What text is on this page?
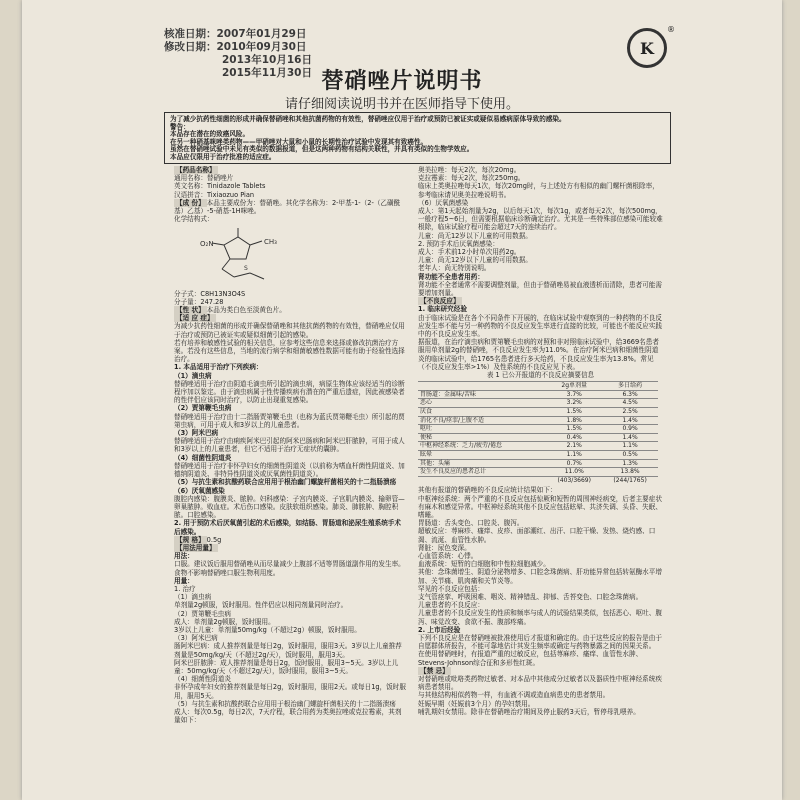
核准日期：2007年01月29日
修改日期：2010年09月30日
2013年10月16日
2015年11月30日
K
®
替硝唑片说明书
请仔细阅读说明书并在医师指导下使用。
为了减少抗药性细菌的形成并确保替硝唑和其他抗菌药物的有效性，替硝唑应仅用于治疗或预防已被证实或疑似易感病原体导致的感染。
警告：
本品存在潜在的致癌风险。
在另一种硝基咪唑类药物——甲硝唑对大鼠和小鼠的长期性治疗试验中发现其有致癌性。
虽然在替硝唑试验中未见有类似的数据报道，但是这两种药物有结构关联性，并具有类似的生物学效应。
本品应仅限用于治疗批准的适应症。
【药品名称】
通用名称：替硝唑片
英文名称：Tinidazole Tablets
汉语拼音：Tixiaozuo Pian
【成 份】 本品主要成份为：替硝唑。其化学名称为：2-甲基-1-（2-（乙磺酰基）乙基）-5-硝基-1H咪唑。
化学结构式：
O₂N	CH₃
S
分子式：C8H13N3O4S
分子量：247.28
【性 状】 本品为类白色至淡黄色片。
【适 应 症】
为减少抗药性细菌的形成并确保替硝唑和其他抗菌药物的有效性，替硝唑应仅用于治疗或预防已被证实或疑似细菌引起的感染。
若有培养和敏感性试验的相关信息，应参考这些信息来选择或修改抗菌治疗方案。若没有这些信息，当地的流行病学和细菌敏感性数据可能有助于经验性选择治疗。
1. 本品适用于治疗下列疾病：
（1）滴虫病
替硝唑适用于治疗由阴道毛滴虫所引起的滴虫病，病原生物体应该经适当的诊断程序加以鉴定。由于滴虫病属于性传播疾病有潜在的严重后遗症，因此被感染者的性伴侣应该同时治疗，以防止出现重复感染。
（2）贾第鞭毛虫病
替硝唑适用于治疗由十二指肠贾第鞭毛虫（也称为蓝氏贾第鞭毛虫）所引起的贾第虫病，可用于成人和3岁以上的儿童患者。
（3）阿米巴病
替硝唑适用于治疗由痢疾阿米巴引起的阿米巴肠病和阿米巴肝脓肿，可用于成人和3岁以上的儿童患者，但它不适用于治疗无症状的囊肿。
（4）细菌性阴道炎
替硝唑适用于治疗非怀孕妇女的细菌性阴道炎（以前称为嗜血杆菌性阴道炎、加德纳阴道炎、非特异性阴道炎或厌氧菌性阴道炎）。
（5）与抗生素和抗酸药联合应用用于根治幽门螺旋杆菌相关的十二指肠溃疡
（6）厌氧菌感染
腹腔内感染：腹膜炎、脓肿。妇科感染：子宫内膜炎、子宫肌内膜炎、输卵管—卵巢脓肿。败血症。术后伤口感染。皮肤软组织感染。肺炎、肺脓肿、胸腔积脓。口腔感染。
2. 用于预防术后厌氧菌引起的术后感染，如结肠、胃肠道和泌尿生殖系统手术后感染。
【规 格】 0.5g
【用法用量】
用法：
口服。建议饭后服用替硝唑从而尽量减少上腹部不适等胃肠道副作用的发生率。食物不影响替硝唑口服生物利用度。
用量：
1. 治疗
（1）滴虫病
单剂量2g顿服，饭时服用。性伴侣应以相同剂量同时治疗。
（2）贾第鞭毛虫病
成人：单剂量2g顿服，饭时服用。
3岁以上儿童：单剂量50mg/kg（不超过2g）顿服，饭时服用。
（3）阿米巴病
肠阿米巴病：成人推荐剂量是每日2g，饭时服用，服用3天。3岁以上儿童推荐剂量是50mg/kg/天（不超过2g/天），饭时服用，服用3天。
阿米巴肝脓肿：成人推荐剂量是每日2g，饭时服用，服用3~5天。3岁以上儿童：50mg/kg/天（不超过2g/天），饭时服用，服用3~5天。
（4）细菌性阴道炎
非怀孕成年妇女的推荐剂量是每日2g，饭时服用，服用2天。或每日1g，饭时服用，服用5天。
（5）与抗生素和抗酸药联合应用用于根治幽门螺旋杆菌相关的十二指肠溃疡
成人：每次0.5g，每日2次，7天疗程，联合用药为类奥拉唑或克拉霉素，其剂量如下：
奥美拉唑：每天2次，每次20mg。
克拉霉素：每天2次，每次250mg。
临床上类奥拉唑每天1次，每次20mg时，与上述处方有相似的幽门螺杆菌根除率，参考临床请见奥美拉唑说明书。
（6）厌氧菌感染
成人：第1天起始剂量为2g，以后每天1次，每次1g，或者每天2次，每次500mg，一般疗程5~6日，但需要根据临床诊断确定治疗。尤其是一些特殊部位感染可能较难根除，临床试验疗程可能会超过7天的连续治疗。
儿童：尚无12岁以下儿童的可用数据。
2. 预防手术后厌氧菌感染：
成人：手术前12小时单次用药2g。
儿童：尚无12岁以下儿童的可用数据。
老年人：尚无特别说明。
肾功能不全患者用药：
肾功能不全者通常不需要调整剂量，但由于替硝唑易被血液透析而清除，患者可能需要增加剂量。
【不良反应】
1. 临床研究经验
由于临床试验是在各个不同条件下开展的，在临床试验中观察到的一种药物的不良反应发生率不能与另一种药物的不良反应发生率进行直接的比较，可能也不能反应实践中的不良反应发生率。
据报道，在治疗滴虫病和贾第鞭毛虫病的对照和非对照临床试验中，给3669名患者服用单剂量2g的替硝唑，不良反应发生率为11.0%。在治疗阿米巴病和细菌性阴道炎的临床试验中，给1765名患者进行多天给药，不良反应发生率为13.8%。常见（不良反应发生率>1%）及性系统的不良反应见下表。
表 1 已公开报道的不良反应摘要信息
	2g单剂量	多日给药
胃肠道：金属味/苦味	3.7%	6.3%
恶心	3.2%	4.5%
厌食	1.5%	2.5%
消化不良/痉挛/上腹不适	1.8%	1.4%
呕吐	1.5%	0.9%
便秘	0.4%	1.4%
中枢神经系统：乏力/疲劳/倦怠	2.1%	1.1%
眩晕	1.1%	0.5%
其他：头痛	0.7%	1.3%
发生不良反应的患者总计	11.0%	13.8%
	(403/3669)	(244/1765)
其他有报道的替硝唑的不良反应统计结果如下：
中枢神经系统：两个严重的不良反应包括惊厥和短暂的周围神经病变，后者主要症状有麻木和感觉异常。中枢神经系统其他不良反应包括眩晕、共济失调、头昏、失眠、嗜睡。
胃肠道：舌头变色、口腔炎、腹泻。
超敏反应：荨麻疹、瘙痒、皮疹、面部潮红、出汗、口腔干燥、发热、烧灼感、口渴、流涎、血管性水肿。
肾脏：尿色变深。
心血管系统：心悸。
血液系统：短暂的白细胞和中性粒细胞减少。
其他：念珠菌增生、阴道分泌物增多、口腔念珠菌病、肝功能异常包括转氨酶水平增加、关节痛、肌肉痛和关节炎等。
罕见的不良反应包括：
支气管痉挛、呼吸困难、咽炎、精神错乱、抑郁、舌苔变色、口腔念珠菌病。
儿童患者的不良反应：
儿童患者的不良反应发生的性质和频率与成人的试验结果类似，包括恶心、呕吐、腹泻、味觉改变、食欲不振、腹部疼痛。
2. 上市后经验
下列不良反应是在替硝唑被批准使用后才报道和确定的。由于这些反应的报告是由于自愿群体所报告，不能可靠地估计其发生频率或确定与药物暴露之间的因果关系。
在使用替硝唑时，有报道严重的过敏反应，包括荨麻疹、瘙痒、血管性水肿、Stevens-Johnson综合征和多形性红斑。
【禁 忌】
对替硝唑或吡咯类药物过敏者、对本品中其他成分过敏者以及器质性中枢神经系统疾病患者禁用。
与其他结构相似药物一样，有血液不调或造血病患史的患者禁用。
妊娠早期（妊娠前3个月）的孕妇禁用。
哺乳期妇女禁用。除非在替硝唑治疗期间及停止服药3天后，暂停母乳喂养。
